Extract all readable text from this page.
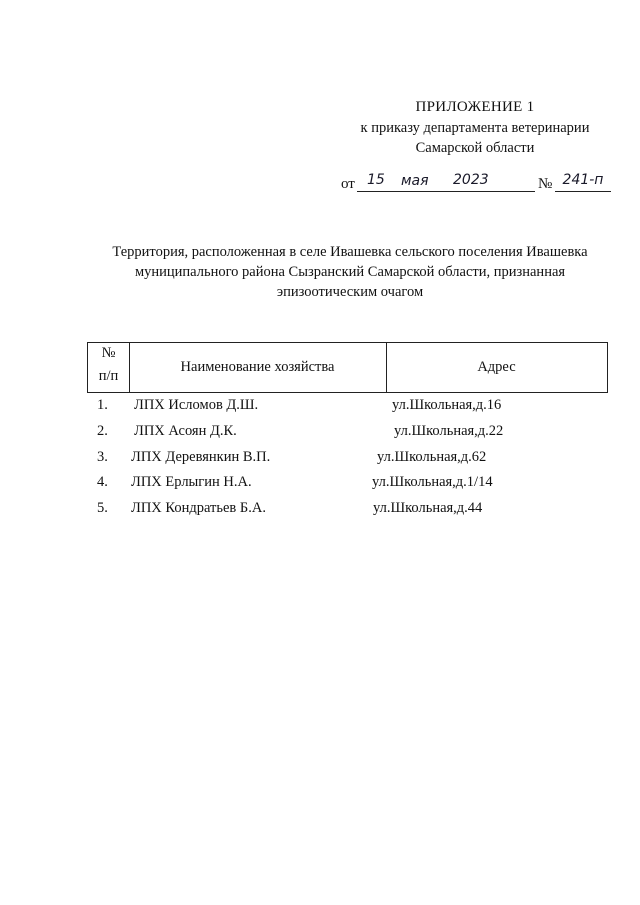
ПРИЛОЖЕНИЕ 1
к приказу департамента ветеринарии
Самарской области
от 15 мая 2023	№ 241-п
Территория, расположенная в селе Ивашевка сельского поселения Ивашевка
муниципального района Сызранский Самарской области, признанная
эпизоотическим очагом
№
п/п
Наименование хозяйства	Адрес
1. ЛПХ Исломов Д.Ш.	ул.Школьная,д.16
2. ЛПХ Асоян Д.К.	ул.Школьная,д.22
3. ЛПХ Деревянкин В.П.	ул.Школьная,д.62
4. ЛПХ Ерлыгин Н.А.	ул.Школьная,д.1/14
5. ЛПХ Кондратьев Б.А.	ул.Школьная,д.44
